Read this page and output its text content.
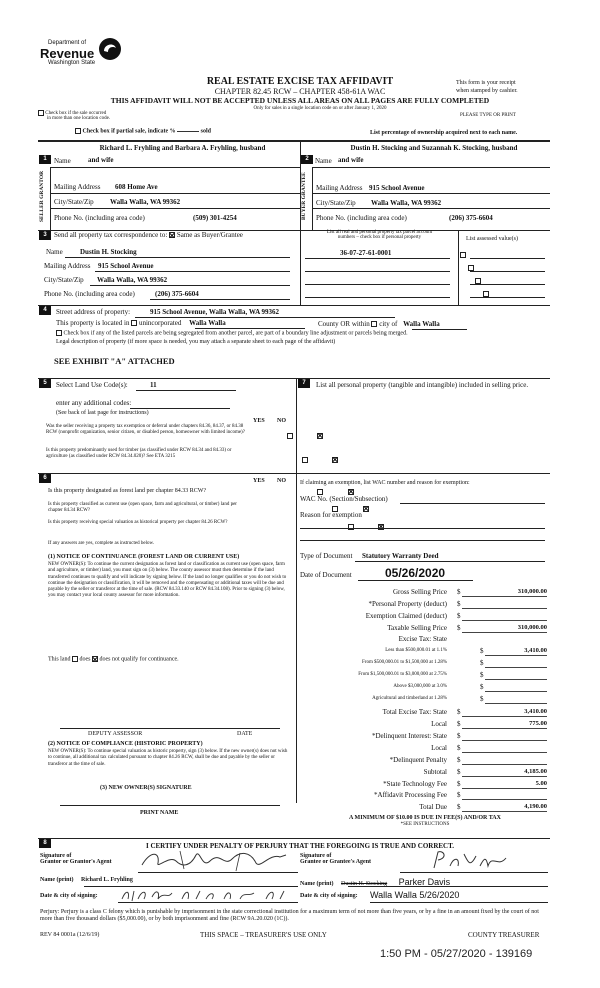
Department of
Revenue
Washington State
REAL ESTATE EXCISE TAX AFFIDAVIT
CHAPTER 82.45 RCW – CHAPTER 458-61A WAC
THIS AFFIDAVIT WILL NOT BE ACCEPTED UNLESS ALL AREAS ON ALL PAGES ARE FULLY COMPLETED
Only for sales in a single location code on or after January 1, 2020
This form is your receipt
when stamped by cashier.
PLEASE TYPE OR PRINT
Check box if the sale occurred
in more than one location code.
Check box if partial sale, indicate %	sold	List percentage of ownership acquired next to each name.
1
Richard L. Fryhling and Barbara A. Fryhling, husband
Name and wife
SELLER GRANTOR	Mailing Address 608 Home Ave
City/State/Zip Walla Walla, WA 99362
Phone No. (including area code)	(509) 301-4254
2
Dustin H. Stocking and Suzannah K. Stocking, husband
Name and wife
BUYER GRANTEE	Mailing Address 915 School Avenue
City/State/Zip Walla Walla, WA 99362
Phone No. (including area code)	(206) 375-6604
3	Send all property tax correspondence to: Same as Buyer/Grantee	List all real and personal property tax parcel account
numbers – check box if personal property	List assessed value(s)
Name Dustin H. Stocking
Mailing Address 915 School Avenue
City/State/Zip Walla Walla, WA 99362
Phone No. (including area code)	(206) 375-6604
36-07-27-61-0001

4	Street address of property:	915 School Avenue, Walla Walla, WA 99362
This property is located in unincorporated Walla Walla	County OR within city of Walla Walla
Check box if any of the listed parcels are being segregated from another parcel, are part of a boundary line adjustment or parcels being merged.
Legal description of property (if more space is needed, you may attach a separate sheet to each page of the affidavit)
SEE EXHIBIT "A" ATTACHED
5	Select Land Use Code(s):	11
enter any additional codes:
(See back of last page for instructions)
YES NO
Was the seller receiving a property tax exemption or deferral under chapters 84.36, 84.37, or 84.38 RCW (nonprofit organization, senior citizen, or disabled person, homeowner with limited income)?

Is this property predominantly used for timber (as classified under RCW 84.34 and 84.33) or agriculture (as classified under RCW 84.34.020)? See ETA 3215

6	YES NO
Is this property designated as forest land per chapter 84.33 RCW?

Is this property classified as current use (open space, farm and agricultural, or timber) land per chapter 84.34 RCW?

Is this property receiving special valuation as historical property per chapter 84.26 RCW?

If any answers are yes, complete as instructed below.
(1) NOTICE OF CONTINUANCE (FOREST LAND OR CURRENT USE)
NEW OWNER(S): To continue the current designation as forest land or classification as current use (open space, farm and agriculture, or timber) land, you must sign on (3) below. The county assessor must then determine if the land transferred continues to qualify and will indicate by signing below. If the land no longer qualifies or you do not wish to continue the designation or classification, it will be removed and the compensating or additional taxes will be due and payable by the seller or transferor at the time of sale. (RCW 84.33.140 or RCW 84.34.108). Prior to signing (3) below, you may contact your local county assessor for more information.
This land does does not qualify for continuance.
DEPUTY ASSESSOR	DATE
(2) NOTICE OF COMPLIANCE (HISTORIC PROPERTY)
NEW OWNER(S): To continue special valuation as historic property, sign (3) below. If the new owner(s) does not wish to continue, all additional tax calculated pursuant to chapter 84.26 RCW, shall be due and payable by the seller or transferor at the time of sale.
(3) NEW OWNER(S) SIGNATURE
PRINT NAME
7	List all personal property (tangible and intangible) included in selling price.
If claiming an exemption, list WAC number and reason for exemption:
WAC No. (Section/Subsection)
Reason for exemption
Type of Document Statutory Warranty Deed
Date of Document	05/26/2020
Gross Selling Price $	310,000.00
*Personal Property (deduct) $
Exemption Claimed (deduct) $
Taxable Selling Price $	310,000.00
Excise Tax: State
Less than $500,000.01 at 1.1%	$	3,410.00
From $500,000.01 to $1,500,000 at 1.28%	$
From $1,500,000.01 to $3,000,000 at 2.75%	$
Above $3,000,000 at 3.0%	$
Agricultural and timberland at 1.28%	$
Total Excise Tax: State $	3,410.00
Local $	775.00
*Delinquent Interest: State $
Local $
*Delinquent Penalty $
Subtotal $	4,185.00
*State Technology Fee $	5.00
*Affidavit Processing Fee $
Total Due $	4,190.00
A MINIMUM OF $10.00 IS DUE IN FEE(S) AND/OR TAX
*SEE INSTRUCTIONS
8	I CERTIFY UNDER PENALTY OF PERJURY THAT THE FOREGOING IS TRUE AND CORRECT.
Signature of
Grantor or Grantor's Agent
Signature of
Grantee or Grantee's Agent
Name (print) Richard L. Fryhling
Name (print) Dustin H. Stocking Parker Davis
Date & city of signing:	Date & city of signing: Walla Walla 5/26/2020
Perjury: Perjury is a class C felony which is punishable by imprisonment in the state correctional institution for a maximum term of not more than five years, or by a fine in an amount fixed by the court of not more than five thousand dollars ($5,000.00), or by both imprisonment and fine (RCW 9A.20.020 (1C)).
REV 84 0001a (12/6/19)	THIS SPACE – TREASURER'S USE ONLY	COUNTY TREASURER
1:50 PM - 05/27/2020 - 139169
